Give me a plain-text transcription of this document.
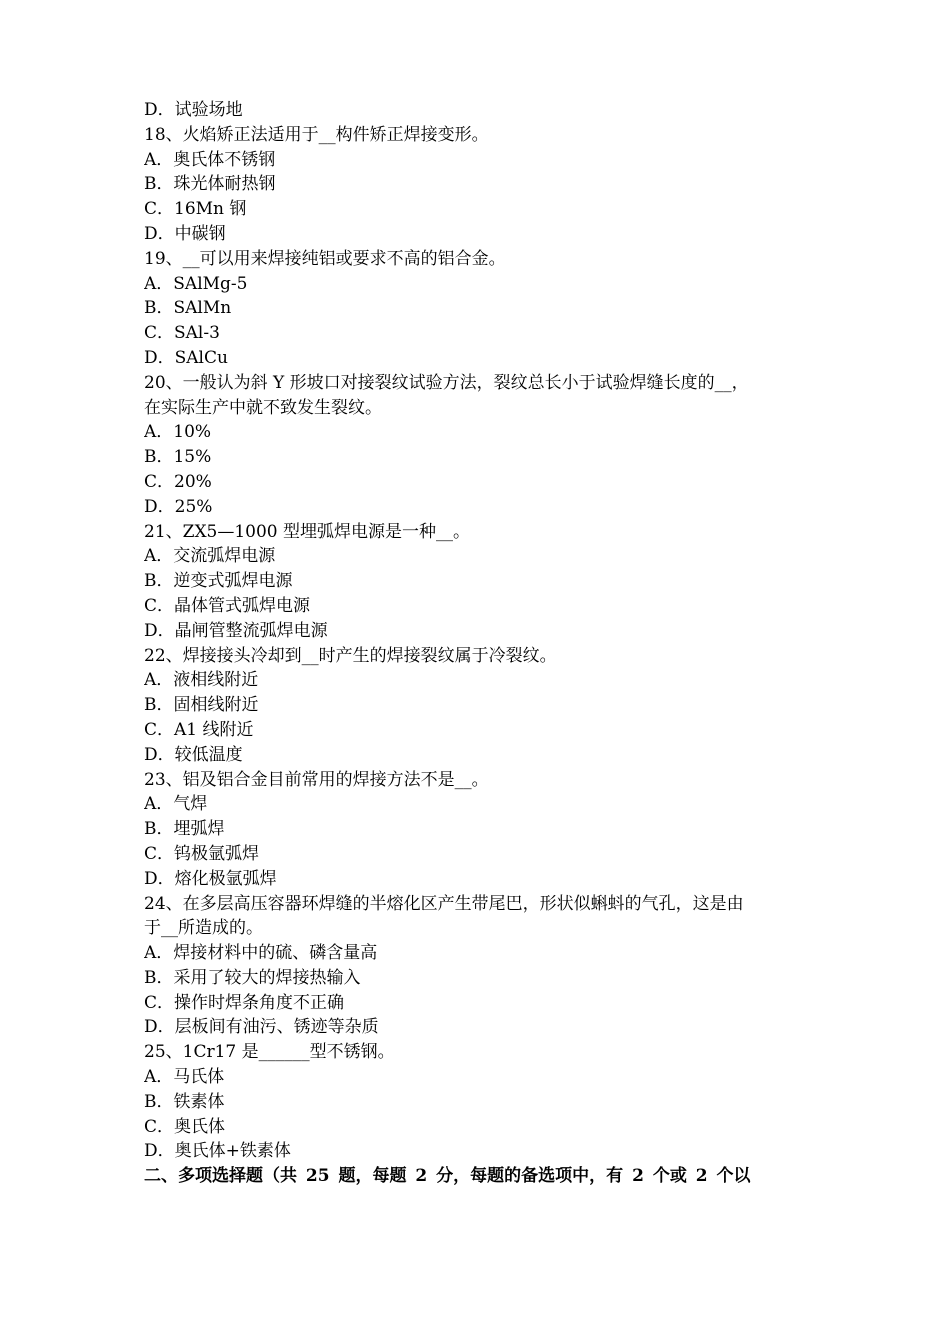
D．试验场地
18、火焰矫正法适用于__构件矫正焊接变形。
A．奥氏体不锈钢
B．珠光体耐热钢
C．16Mn 钢
D．中碳钢
19、__可以用来焊接纯铝或要求不高的铝合金。
A．SAlMg-5
B．SAlMn
C．SAl-3
D．SAlCu
20、一般认为斜 Y 形坡口对接裂纹试验方法，裂纹总长小于试验焊缝长度的__，
在实际生产中就不致发生裂纹。
A．10%
B．15%
C．20%
D．25%
21、ZX5—1000 型埋弧焊电源是一种__。
A．交流弧焊电源
B．逆变式弧焊电源
C．晶体管式弧焊电源
D．晶闸管整流弧焊电源
22、焊接接头冷却到__时产生的焊接裂纹属于冷裂纹。
A．液相线附近
B．固相线附近
C．A1 线附近
D．较低温度
23、铝及铝合金目前常用的焊接方法不是__。
A．气焊
B．埋弧焊
C．钨极氩弧焊
D．熔化极氩弧焊
24、在多层高压容器环焊缝的半熔化区产生带尾巴，形状似蝌蚪的气孔，这是由
于__所造成的。
A．焊接材料中的硫、磷含量高
B．采用了较大的焊接热输入
C．操作时焊条角度不正确
D．层板间有油污、锈迹等杂质
25、1Cr17 是______型不锈钢。
A．马氏体
B．铁素体
C．奥氏体
D．奥氏体+铁素体
二、多项选择题（共 25 题，每题 2 分，每题的备选项中，有 2 个或 2 个以
